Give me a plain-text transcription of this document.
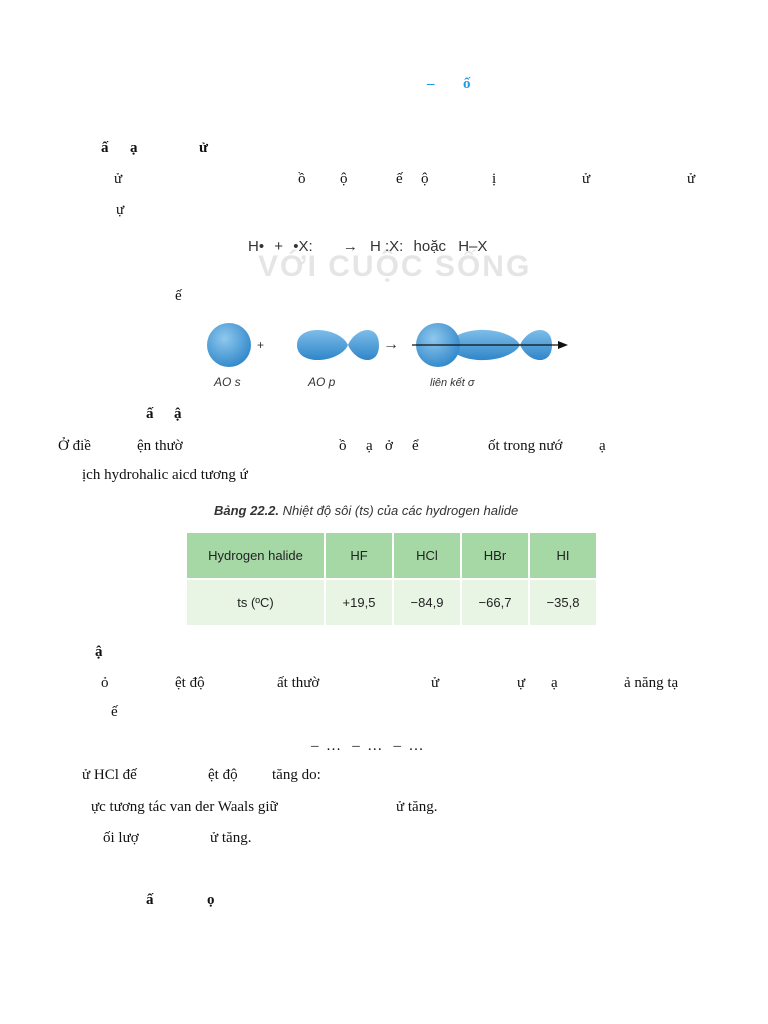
– ố
ấ ạ	ử
ử	ồ ộ	ế ộ	ị	ử	ử
ự
VỚI CUỘC SỐNG
H• + •X: → H :X: hoặc H–X
ế
+	→
AO s	AO p	liên kết σ
ấ ậ
Ở điề	ện thườ	ồ ạ ở ể	ốt trong nướ ạ
ịch hydrohalic aicd tương ứ
Bảng 22.2. Nhiệt độ sôi (ts) của các hydrogen halide
Hydrogen halide	HF	HCl	HBr	HI
ts (ºC)	+19,5	−84,9	−66,7	−35,8
ậ
ỏ	ệt độ	ất thườ	ử	ự ạ	ả năng tạ
ế
–  …   –  …   –  …
ử HCl đế	ệt độ tăng do:
ực tương tác van der Waals giữ	ử tăng.
ối lượ	ử tăng.
ấ	ọ
